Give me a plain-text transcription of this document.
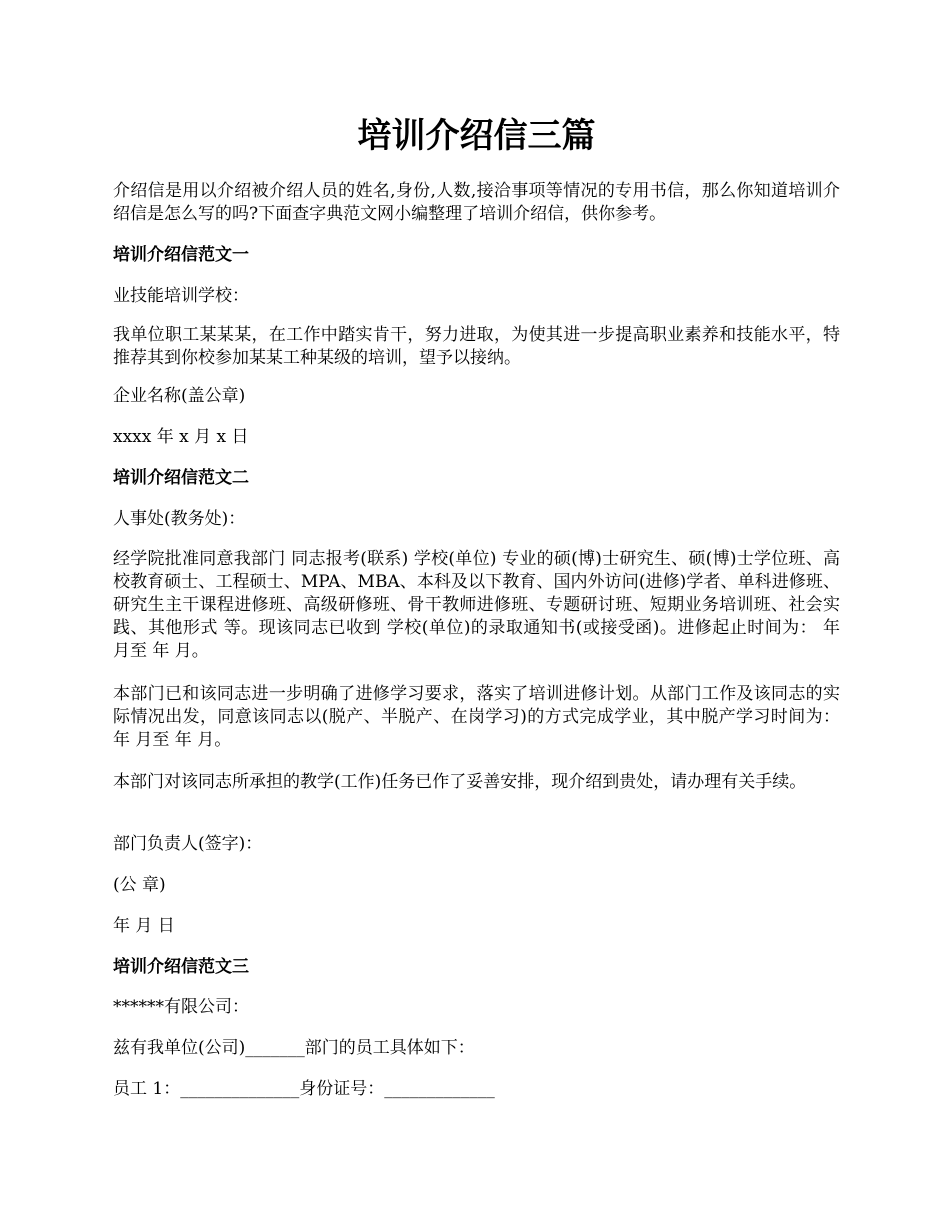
培训介绍信三篇

介绍信是用以介绍被介绍人员的姓名,身份,人数,接洽事项等情况的专用书信，那么你知道培训介绍信是怎么写的吗?下面查字典范文网小编整理了培训介绍信，供你参考。

培训介绍信范文一

业技能培训学校：

我单位职工某某某，在工作中踏实肯干，努力进取，为使其进一步提高职业素养和技能水平，特推荐其到你校参加某某工种某级的培训，望予以接纳。

企业名称(盖公章)

xxxx 年 x 月 x 日

培训介绍信范文二

人事处(教务处)：

经学院批准同意我部门 同志报考(联系) 学校(单位) 专业的硕(博)士研究生、硕(博)士学位班、高校教育硕士、工程硕士、MPA、MBA、本科及以下教育、国内外访问(进修)学者、单科进修班、研究生主干课程进修班、高级研修班、骨干教师进修班、专题研讨班、短期业务培训班、社会实践、其他形式 等。现该同志已收到 学校(单位)的录取通知书(或接受函)。进修起止时间为： 年 月至 年 月。

本部门已和该同志进一步明确了进修学习要求，落实了培训进修计划。从部门工作及该同志的实际情况出发，同意该同志以(脱产、半脱产、在岗学习)的方式完成学业，其中脱产学习时间为： 年 月至 年 月。

本部门对该同志所承担的教学(工作)任务已作了妥善安排，现介绍到贵处，请办理有关手续。

部门负责人(签字)：

(公 章)

年 月 日

培训介绍信范文三

******有限公司：

兹有我单位(公司)_______部门的员工具体如下：

员工 1：______________身份证号：_____________
